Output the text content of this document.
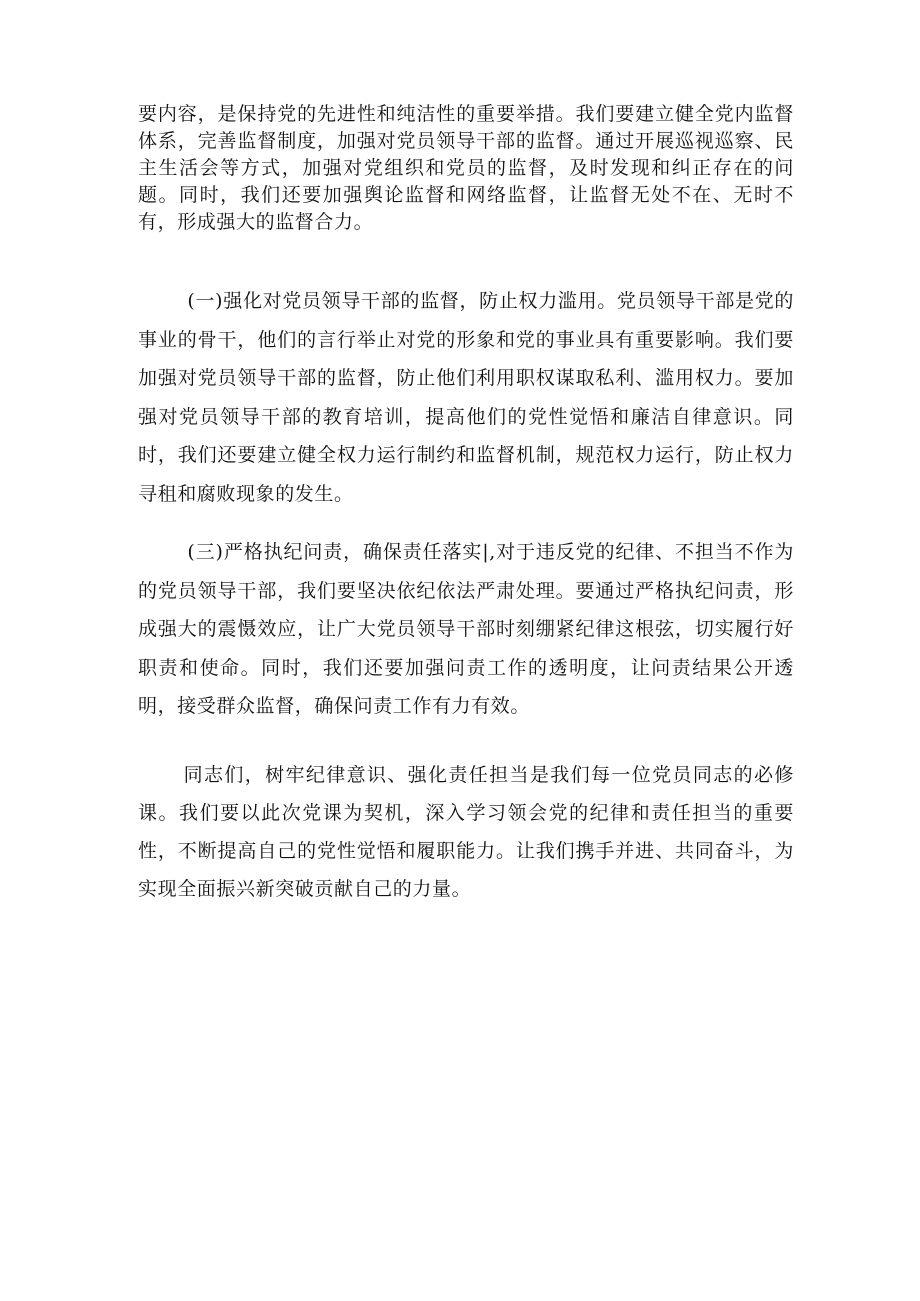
要内容，是保持党的先进性和纯洁性的重要举措。我们要建立健全党内监督体系，完善监督制度，加强对党员领导干部的监督。通过开展巡视巡察、民主生活会等方式，加强对党组织和党员的监督，及时发现和纠正存在的问题。同时，我们还要加强舆论监督和网络监督，让监督无处不在、无时不有，形成强大的监督合力。

(一)强化对党员领导干部的监督，防止权力滥用。党员领导干部是党的事业的骨干，他们的言行举止对党的形象和党的事业具有重要影响。我们要加强对党员领导干部的监督，防止他们利用职权谋取私利、滥用权力。要加强对党员领导干部的教育培训，提高他们的党性觉悟和廉洁自律意识。同时，我们还要建立健全权力运行制约和监督机制，规范权力运行，防止权力寻租和腐败现象的发生。

(三)严格执纪问责，确保责任落实|,对于违反党的纪律、不担当不作为的党员领导干部，我们要坚决依纪依法严肃处理。要通过严格执纪问责，形成强大的震慑效应，让广大党员领导干部时刻绷紧纪律这根弦，切实履行好职责和使命。同时，我们还要加强问责工作的透明度，让问责结果公开透明，接受群众监督，确保问责工作有力有效。

同志们，树牢纪律意识、强化责任担当是我们每一位党员同志的必修课。我们要以此次党课为契机，深入学习领会党的纪律和责任担当的重要性，不断提高自己的党性觉悟和履职能力。让我们携手并进、共同奋斗，为实现全面振兴新突破贡献自己的力量。
